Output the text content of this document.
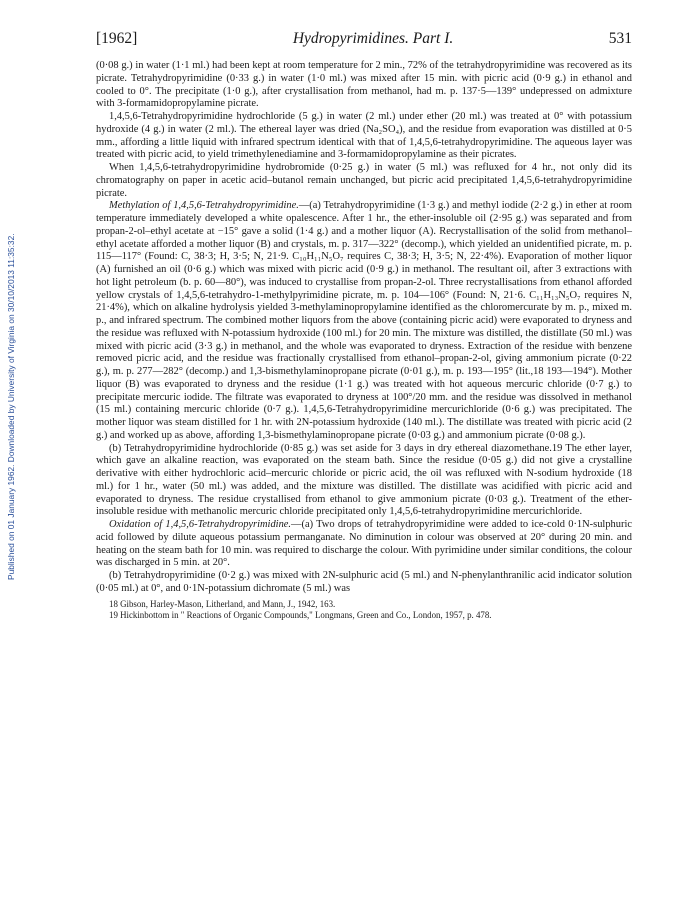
Published on 01 January 1962. Downloaded by University of Virginia on 30/10/2013 11:35:32.
[1962]	Hydropyrimidines. Part I.	531

(0·08 g.) in water (1·1 ml.) had been kept at room temperature for 2 min., 72% of the tetrahydropyrimidine was recovered as its picrate. Tetrahydropyrimidine (0·33 g.) in water (1·0 ml.) was mixed after 15 min. with picric acid (0·9 g.) in ethanol and cooled to 0°. The precipitate (1·0 g.), after crystallisation from methanol, had m. p. 137·5—139° undepressed on admixture with 3-formamidopropylamine picrate.

1,4,5,6-Tetrahydropyrimidine hydrochloride (5 g.) in water (2 ml.) under ether (20 ml.) was treated at 0° with potassium hydroxide (4 g.) in water (2 ml.). The ethereal layer was dried (Na₂SO₄), and the residue from evaporation was distilled at 0·5 mm., affording a little liquid with infrared spectrum identical with that of 1,4,5,6-tetrahydropyrimidine. The aqueous layer was treated with picric acid, to yield trimethylenediamine and 3-formamidopropylamine as their picrates.

When 1,4,5,6-tetrahydropyrimidine hydrobromide (0·25 g.) in water (5 ml.) was refluxed for 4 hr., not only did its chromatography on paper in acetic acid–butanol remain unchanged, but picric acid precipitated 1,4,5,6-tetrahydropyrimidine picrate.

Methylation of 1,4,5,6-Tetrahydropyrimidine.—(a) Tetrahydropyrimidine (1·3 g.) and methyl iodide (2·2 g.) in ether at room temperature immediately developed a white opalescence. After 1 hr., the ether-insoluble oil (2·95 g.) was separated and from propan-2-ol–ethyl acetate at −15° gave a solid (1·4 g.) and a mother liquor (A). Recrystallisation of the solid from methanol–ethyl acetate afforded a mother liquor (B) and crystals, m. p. 317—322° (decomp.), which yielded an unidentified picrate, m. p. 115—117° (Found: C, 38·3; H, 3·5; N, 21·9. C₁₀H₁₁N₅O₇ requires C, 38·3; H, 3·5; N, 22·4%). Evaporation of mother liquor (A) furnished an oil (0·6 g.) which was mixed with picric acid (0·9 g.) in methanol. The resultant oil, after 3 extractions with hot light petroleum (b. p. 60—80°), was induced to crystallise from propan-2-ol. Three recrystallisations from ethanol afforded yellow crystals of 1,4,5,6-tetrahydro-1-methylpyrimidine picrate, m. p. 104—106° (Found: N, 21·6. C₁₁H₁₃N₅O₇ requires N, 21·4%), which on alkaline hydrolysis yielded 3-methylaminopropylamine identified as the chloromercurate by m. p., mixed m. p., and infrared spectrum. The combined mother liquors from the above (containing picric acid) were evaporated to dryness and the residue was refluxed with N-potassium hydroxide (100 ml.) for 20 min. The mixture was distilled, the distillate (50 ml.) was mixed with picric acid (3·3 g.) in methanol, and the whole was evaporated to dryness. Extraction of the residue with benzene removed picric acid, and the residue was fractionally crystallised from ethanol–propan-2-ol, giving ammonium picrate (0·22 g.), m. p. 277—282° (decomp.) and 1,3-bismethylaminopropane picrate (0·01 g.), m. p. 193—195° (lit.,18 193—194°). Mother liquor (B) was evaporated to dryness and the residue (1·1 g.) was treated with hot aqueous mercuric chloride (0·7 g.) to precipitate mercuric iodide. The filtrate was evaporated to dryness at 100°/20 mm. and the residue was dissolved in methanol (15 ml.) containing mercuric chloride (0·7 g.). 1,4,5,6-Tetrahydropyrimidine mercurichloride (0·6 g.) was precipitated. The mother liquor was steam distilled for 1 hr. with 2N-potassium hydroxide (140 ml.). The distillate was treated with picric acid (2 g.) and worked up as above, affording 1,3-bismethylaminopropane picrate (0·03 g.) and ammonium picrate (0·08 g.).

(b) Tetrahydropyrimidine hydrochloride (0·85 g.) was set aside for 3 days in dry ethereal diazomethane.19 The ether layer, which gave an alkaline reaction, was evaporated on the steam bath. Since the residue (0·05 g.) did not give a crystalline derivative with either hydrochloric acid–mercuric chloride or picric acid, the oil was refluxed with N-sodium hydroxide (18 ml.) for 1 hr., water (50 ml.) was added, and the mixture was distilled. The distillate was acidified with picric acid and evaporated to dryness. The residue crystallised from ethanol to give ammonium picrate (0·03 g.). Treatment of the ether-insoluble residue with methanolic mercuric chloride precipitated only 1,4,5,6-tetrahydropyrimidine mercurichloride.

Oxidation of 1,4,5,6-Tetrahydropyrimidine.—(a) Two drops of tetrahydropyrimidine were added to ice-cold 0·1N-sulphuric acid followed by dilute aqueous potassium permanganate. No diminution in colour was observed at 20° during 20 min. and heating on the steam bath for 10 min. was required to discharge the colour. With pyrimidine under similar conditions, the colour was discharged in 5 min. at 20°.

(b) Tetrahydropyrimidine (0·2 g.) was mixed with 2N-sulphuric acid (5 ml.) and N-phenylanthranilic acid indicator solution (0·05 ml.) at 0°, and 0·1N-potassium dichromate (5 ml.) was

18 Gibson, Harley-Mason, Litherland, and Mann, J., 1942, 163.

19 Hickinbottom in " Reactions of Organic Compounds," Longmans, Green and Co., London, 1957, p. 478.
